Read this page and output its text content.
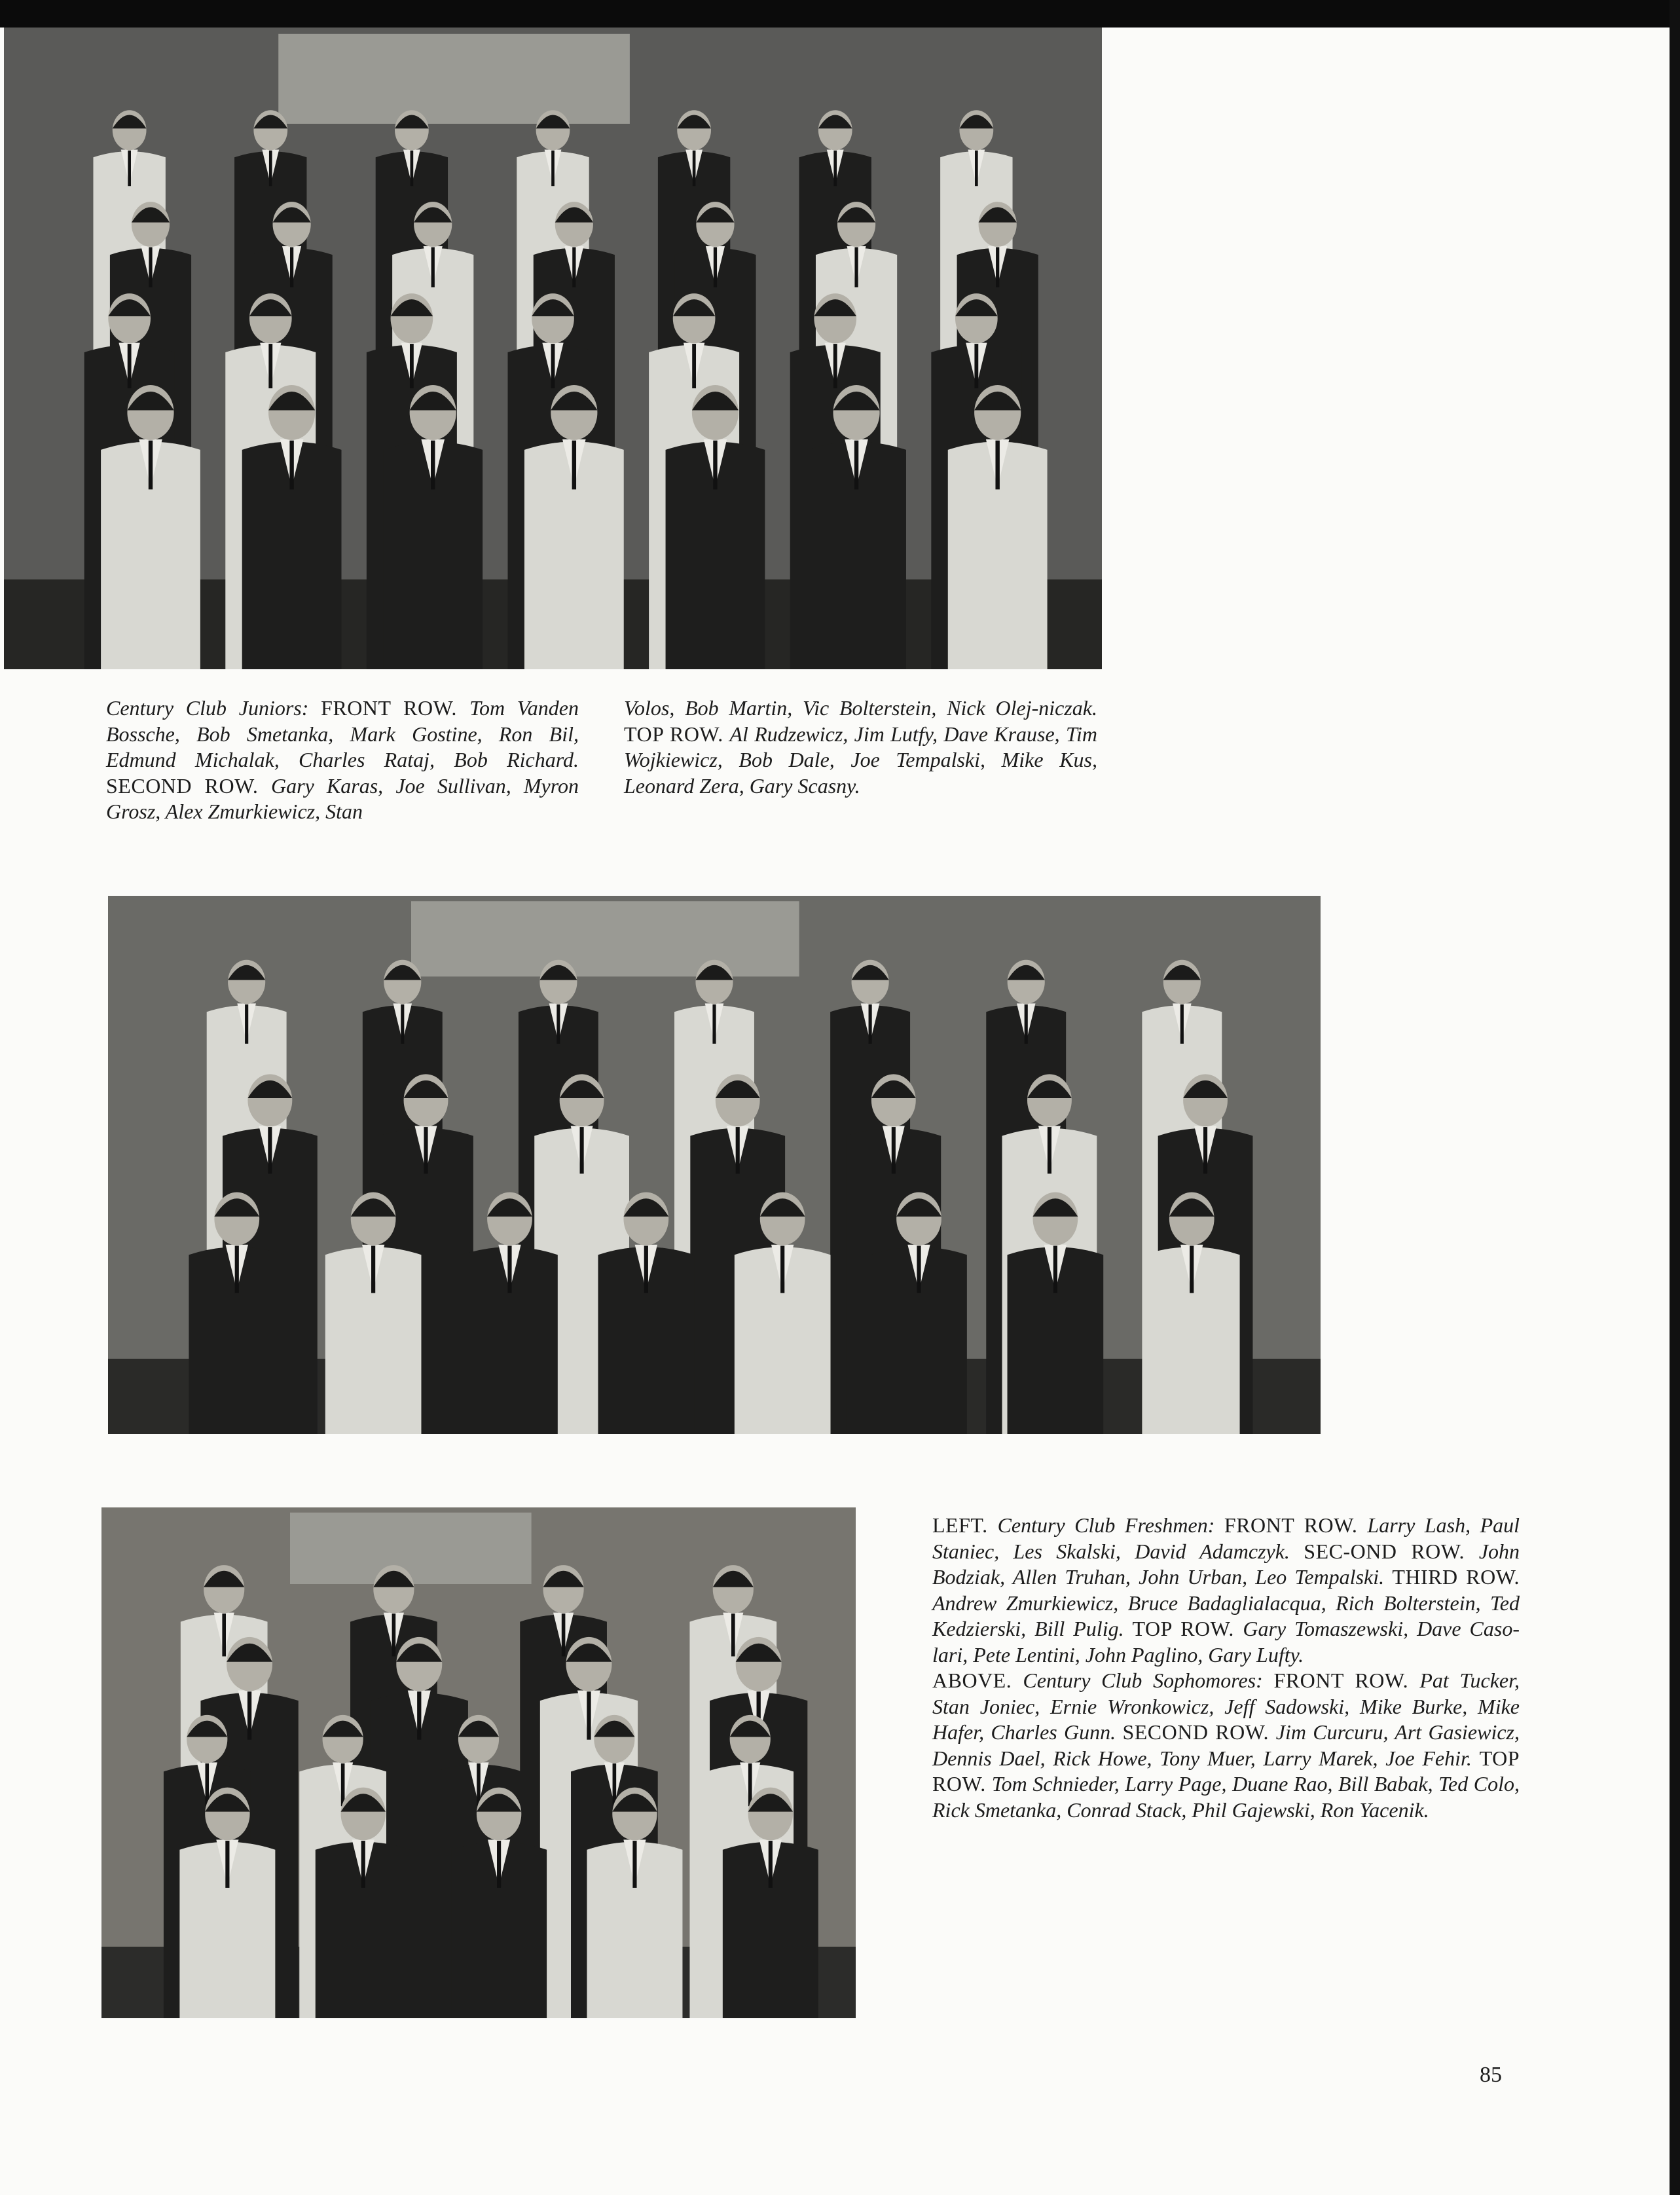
Century Club Juniors: FRONT ROW. Tom Vanden Bossche, Bob Smetanka, Mark Gostine, Ron Bil, Edmund Michalak, Charles Rataj, Bob Richard. SECOND ROW. Gary Karas, Joe Sullivan, Myron Grosz, Alex Zmurkiewicz, Stan

Volos, Bob Martin, Vic Bolterstein, Nick Olej-niczak. TOP ROW. Al Rudzewicz, Jim Lutfy, Dave Krause, Tim Wojkiewicz, Bob Dale, Joe Tempalski, Mike Kus, Leonard Zera, Gary Scasny.

LEFT. Century Club Freshmen: FRONT ROW. Larry Lash, Paul Staniec, Les Skalski, David Adamczyk. SEC-OND ROW. John Bodziak, Allen Truhan, John Urban, Leo Tempalski. THIRD ROW. Andrew Zmurkiewicz, Bruce Badaglialacqua, Rich Bolterstein, Ted Kedzierski, Bill Pulig. TOP ROW. Gary Tomaszewski, Dave Caso-lari, Pete Lentini, John Paglino, Gary Lufty.
ABOVE. Century Club Sophomores: FRONT ROW. Pat Tucker, Stan Joniec, Ernie Wronkowicz, Jeff Sadowski, Mike Burke, Mike Hafer, Charles Gunn. SECOND ROW. Jim Curcuru, Art Gasiewicz, Dennis Dael, Rick Howe, Tony Muer, Larry Marek, Joe Fehir. TOP ROW. Tom Schnieder, Larry Page, Duane Rao, Bill Babak, Ted Colo, Rick Smetanka, Conrad Stack, Phil Gajewski, Ron Yacenik.

85
